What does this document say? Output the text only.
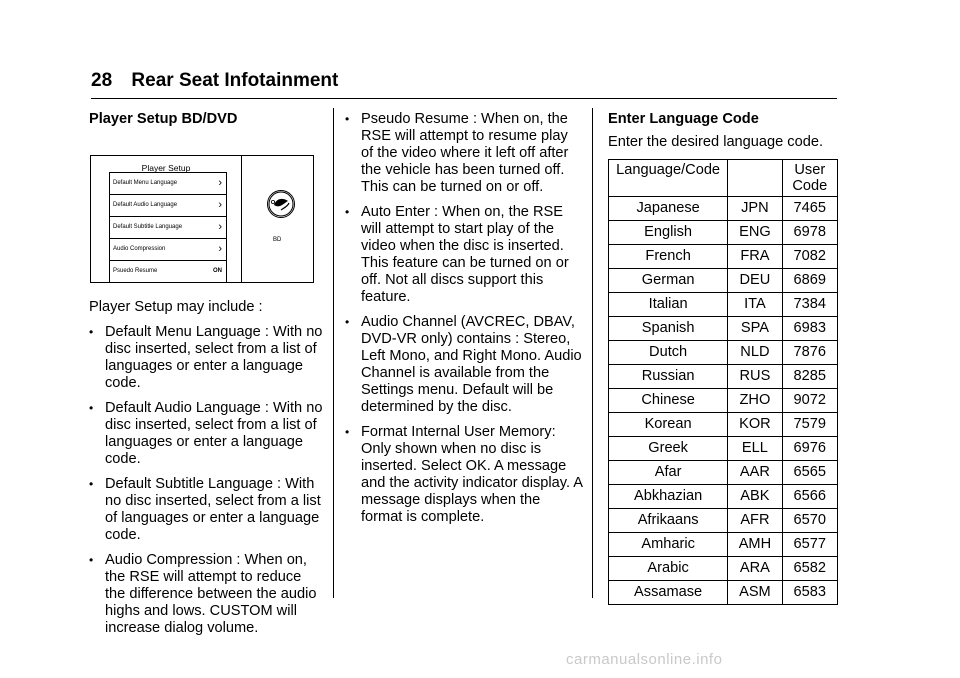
28 Rear Seat Infotainment
Player Setup BD/DVD
Player Setup
Default Menu Language	›
Default Audio Language	›
Default Subtitle Language	›
Audio Compression	›
Psuedo Resume	ON
BD
Player Setup may include :
• Default Menu Language : With no disc inserted, select from a list of languages or enter a language code.
• Default Audio Language : With no disc inserted, select from a list of languages or enter a language code.
• Default Subtitle Language : With no disc inserted, select from a list of languages or enter a language code.
• Audio Compression : When on, the RSE will attempt to reduce the difference between the audio highs and lows. CUSTOM will increase dialog volume.
• Pseudo Resume : When on, the RSE will attempt to resume play of the video where it left off after the vehicle has been turned off. This can be turned on or off.
• Auto Enter : When on, the RSE will attempt to start play of the video when the disc is inserted. This feature can be turned on or off. Not all discs support this feature.
• Audio Channel (AVCREC, DBAV, DVD-VR only) contains : Stereo, Left Mono, and Right Mono. Audio Channel is available from the Settings menu. Default will be determined by the disc.
• Format Internal User Memory: Only shown when no disc is inserted. Select OK. A message and the activity indicator display. A message displays when the format is complete.
Enter Language Code
Enter the desired language code.
Language/Code		User
Code
Japanese	JPN	7465
English	ENG	6978
French	FRA	7082
German	DEU	6869
Italian	ITA	7384
Spanish	SPA	6983
Dutch	NLD	7876
Russian	RUS	8285
Chinese	ZHO	9072
Korean	KOR	7579
Greek	ELL	6976
Afar	AAR	6565
Abkhazian	ABK	6566
Afrikaans	AFR	6570
Amharic	AMH	6577
Arabic	ARA	6582
Assamase	ASM	6583
carmanualsonline.info
